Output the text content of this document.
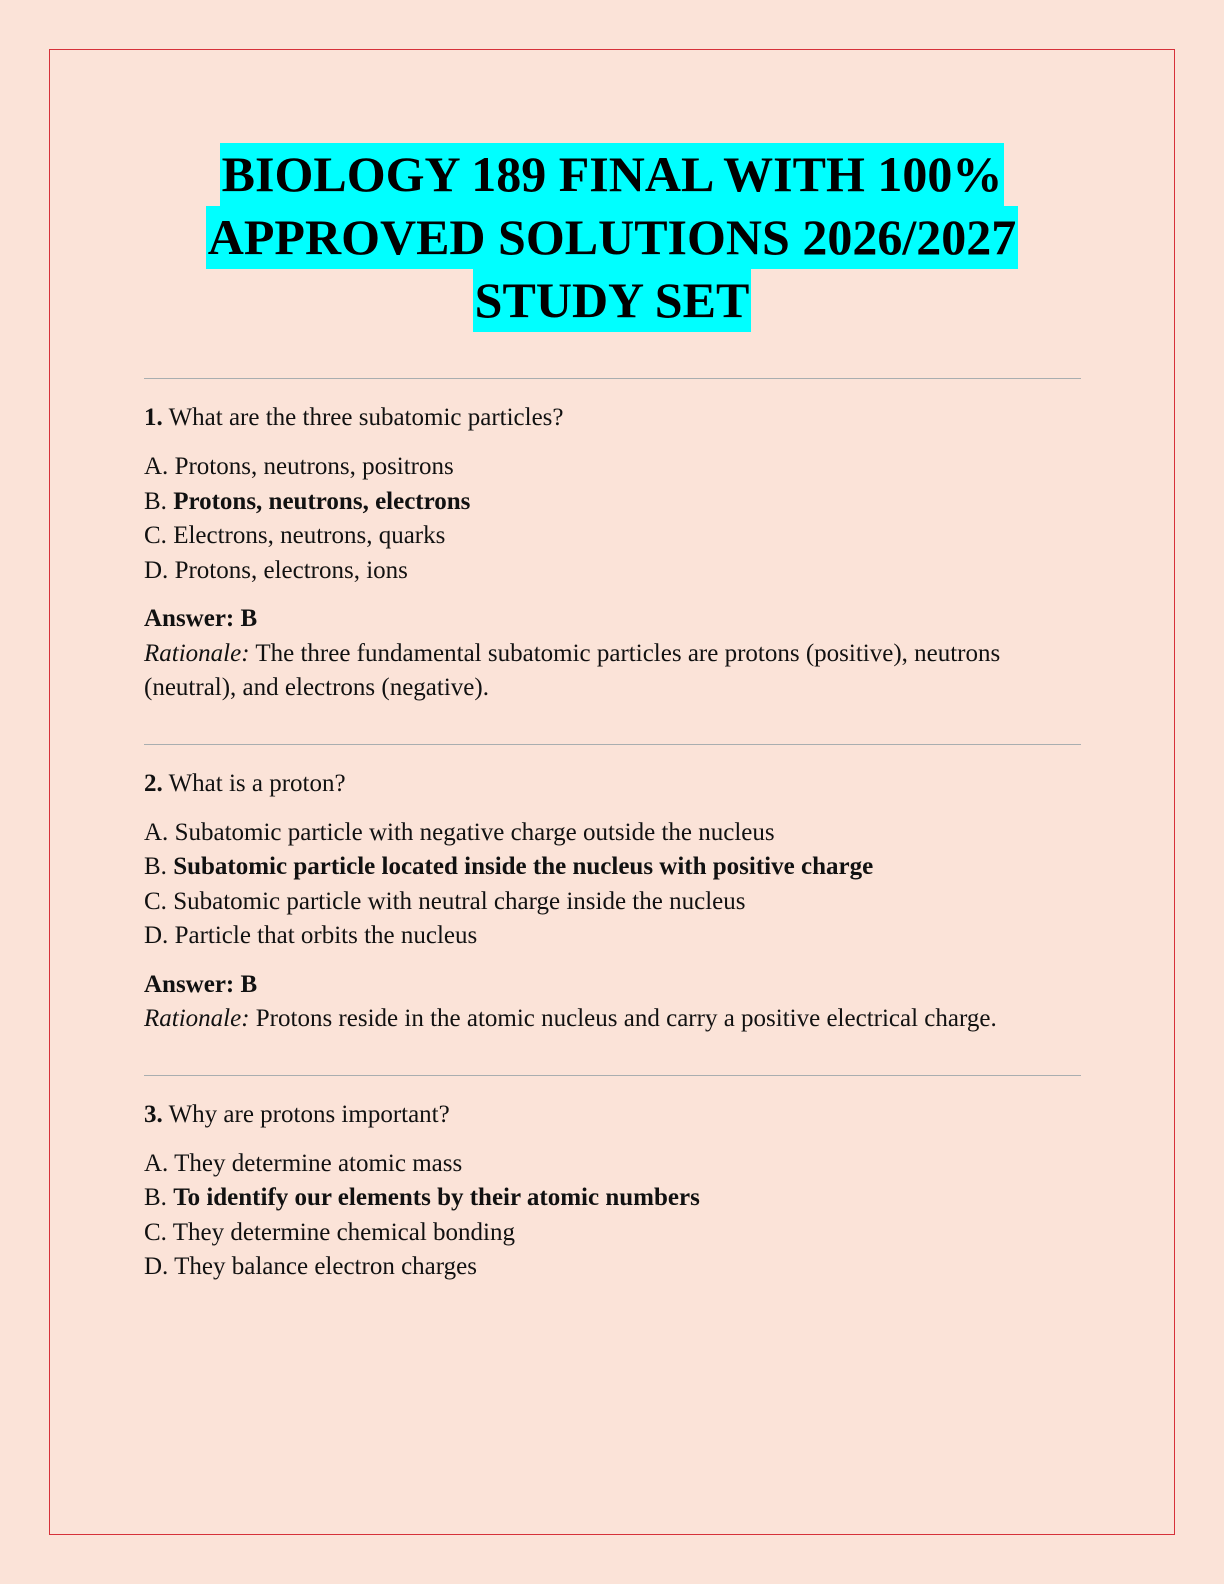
BIOLOGY 189 FINAL WITH 100%
APPROVED SOLUTIONS 2026/2027
STUDY SET
1. What are the three subatomic particles?
A. Protons, neutrons, positrons
B. Protons, neutrons, electrons
C. Electrons, neutrons, quarks
D. Protons, electrons, ions
Answer: B
Rationale: The three fundamental subatomic particles are protons (positive), neutrons (neutral), and electrons (negative).
2. What is a proton?
A. Subatomic particle with negative charge outside the nucleus
B. Subatomic particle located inside the nucleus with positive charge
C. Subatomic particle with neutral charge inside the nucleus
D. Particle that orbits the nucleus
Answer: B
Rationale: Protons reside in the atomic nucleus and carry a positive electrical charge.
3. Why are protons important?
A. They determine atomic mass
B. To identify our elements by their atomic numbers
C. They determine chemical bonding
D. They balance electron charges
